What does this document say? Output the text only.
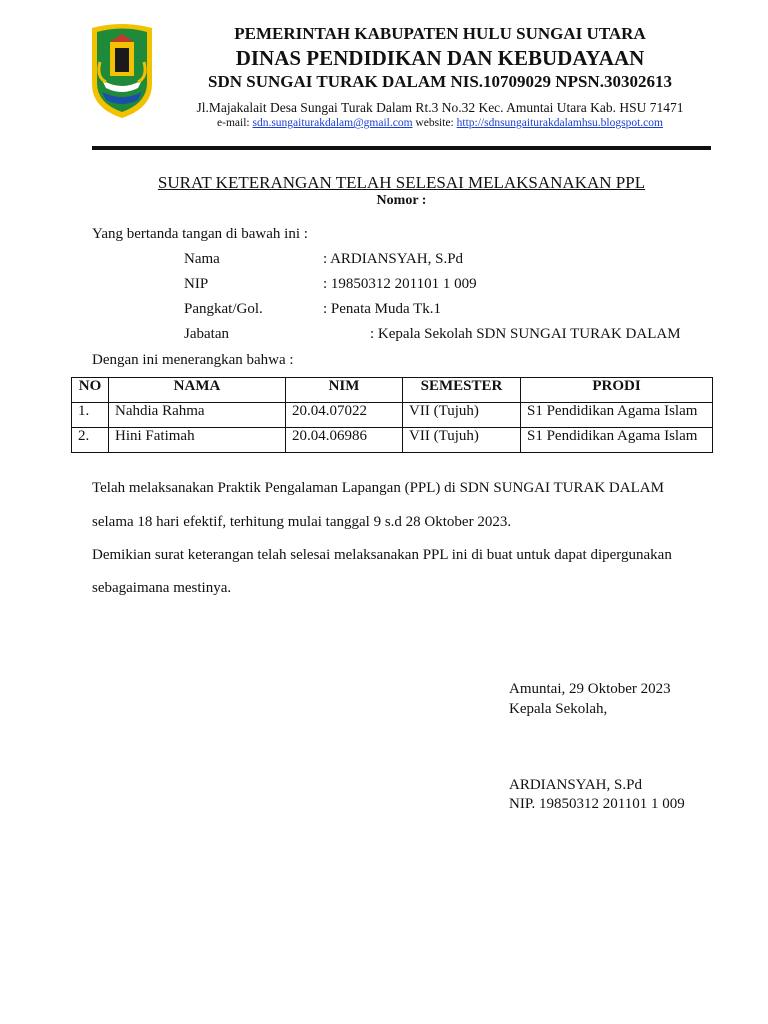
PEMERINTAH KABUPATEN HULU SUNGAI UTARA
DINAS PENDIDIKAN DAN KEBUDAYAAN
SDN SUNGAI TURAK DALAM NIS.10709029 NPSN.30302613
Jl.Majakalait Desa Sungai Turak Dalam Rt.3 No.32 Kec. Amuntai Utara Kab. HSU 71471
e-mail: sdn.sungaiturakdalam@gmail.com website: http://sdnsungaiturakdalamhsu.blogspot.com
SURAT KETERANGAN TELAH SELESAI MELAKSANAKAN PPL
Nomor :
Yang bertanda tangan di bawah ini :
Nama	: ARDIANSYAH, S.Pd
NIP	: 19850312 201101 1 009
Pangkat/Gol.	: Penata Muda Tk.1
Jabatan	: Kepala Sekolah SDN SUNGAI TURAK DALAM
Dengan ini menerangkan bahwa :
NO	NAMA	NIM	SEMESTER	PRODI
1.	Nahdia Rahma	20.04.07022	VII (Tujuh)	S1 Pendidikan Agama Islam
2.	Hini Fatimah	20.04.06986	VII (Tujuh)	S1 Pendidikan Agama Islam
Telah melaksanakan Praktik Pengalaman Lapangan (PPL) di SDN SUNGAI TURAK DALAM
selama 18 hari efektif, terhitung mulai tanggal 9 s.d 28 Oktober 2023.
Demikian surat keterangan telah selesai melaksanakan PPL ini di buat untuk dapat dipergunakan
sebagaimana mestinya.
Amuntai, 29 Oktober 2023
Kepala Sekolah,
ARDIANSYAH, S.Pd
NIP. 19850312 201101 1 009
